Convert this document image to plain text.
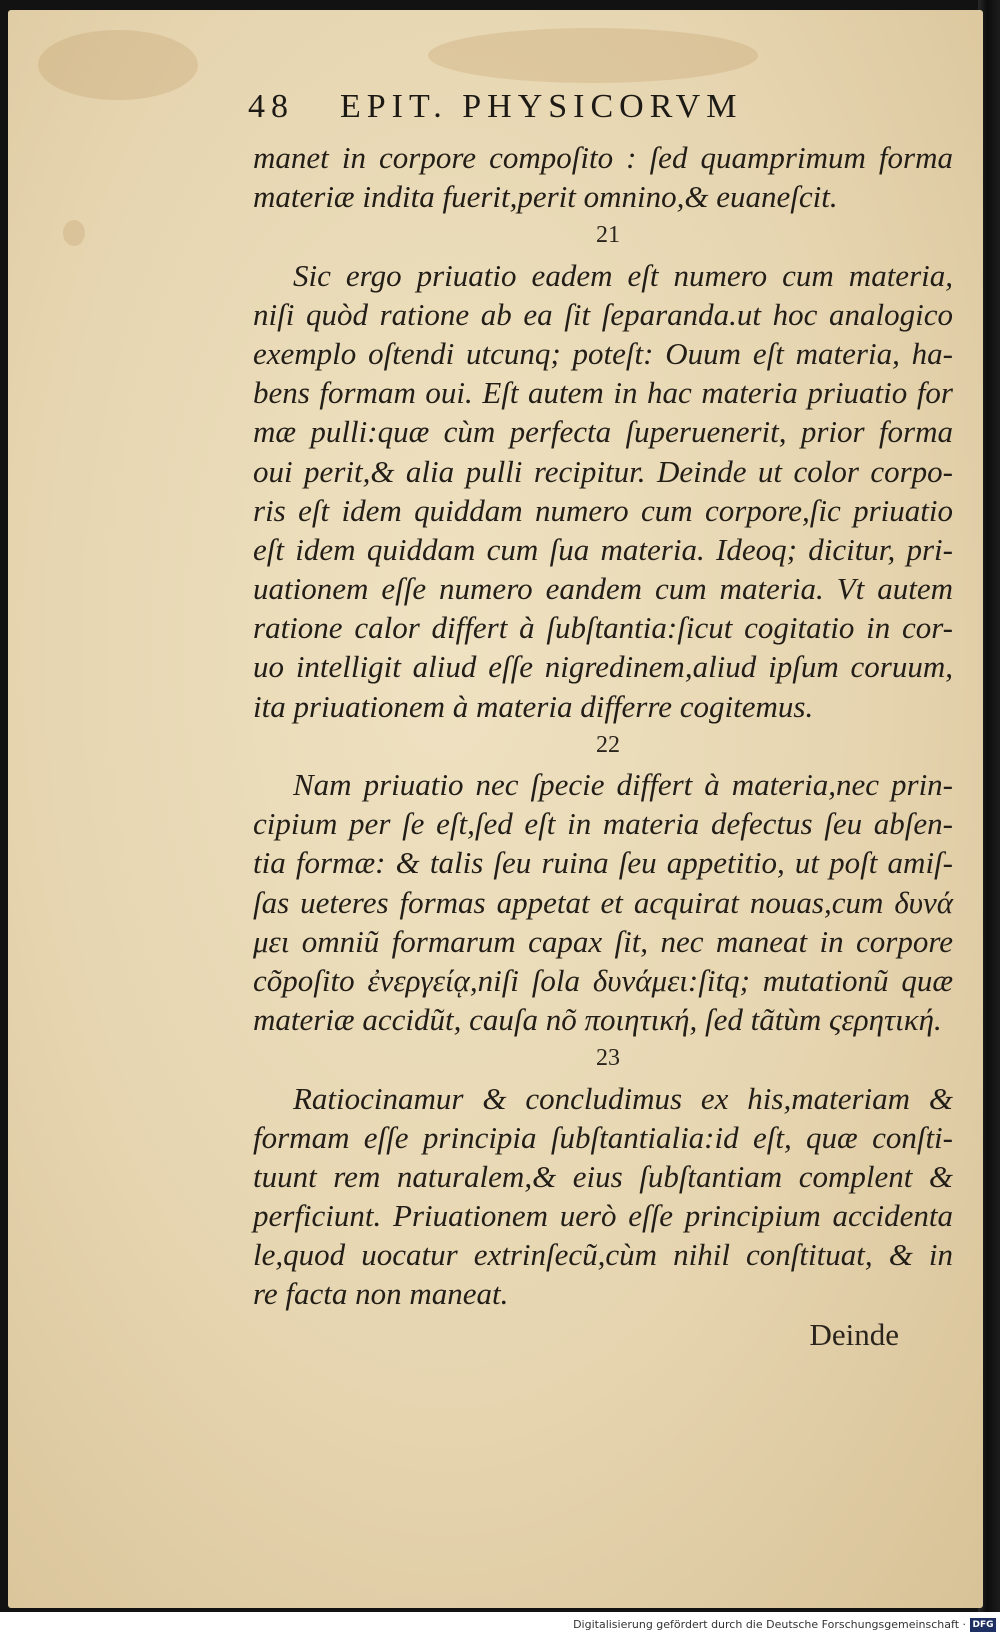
48 EPIT. PHYSICORVM
manet in corpore compoſito : ſed quamprimum forma
materiæ indita fuerit,perit omnino,& euaneſcit.
21
Sic ergo priuatio eadem eſt numero cum materia,
niſi quòd ratione ab ea ſit ſeparanda.ut hoc analogico
exemplo oſtendi utcunq; poteſt: Ouum eſt materia, ha-
bens formam oui. Eſt autem in hac materia priuatio for
mæ pulli:quæ cùm perfecta ſuperuenerit, prior forma
oui perit,& alia pulli recipitur. Deinde ut color corpo-
ris eſt idem quiddam numero cum corpore,ſic priuatio
eſt idem quiddam cum ſua materia. Ideoq; dicitur, pri-
uationem eſſe numero eandem cum materia. Vt autem
ratione calor differt à ſubſtantia:ſicut cogitatio in cor-
uo intelligit aliud eſſe nigredinem,aliud ipſum coruum,
ita priuationem à materia differre cogitemus.
22
Nam priuatio nec ſpecie differt à materia,nec prin-
cipium per ſe eſt,ſed eſt in materia defectus ſeu abſen-
tia formæ: & talis ſeu ruina ſeu appetitio, ut poſt amiſ-
ſas ueteres formas appetat et acquirat nouas,cum δυνά
μει omniũ formarum capax ſit, nec maneat in corpore
cõpoſito ἐνεργείᾳ,niſi ſola δυνάμει:ſitq; mutationũ quæ
materiæ accidũt, cauſa nõ ποιητική, ſed tãtùm ςερητική.
23
Ratiocinamur & concludimus ex his,materiam &
formam eſſe principia ſubſtantialia:id eſt, quæ conſti-
tuunt rem naturalem,& eius ſubſtantiam complent &
perficiunt. Priuationem uerò eſſe principium accidenta
le,quod uocatur extrinſecũ,cùm nihil conſtituat, & in
re facta non maneat.
Deinde
Digitalisierung gefördert durch die Deutsche Forschungsgemeinschaft · DFG
